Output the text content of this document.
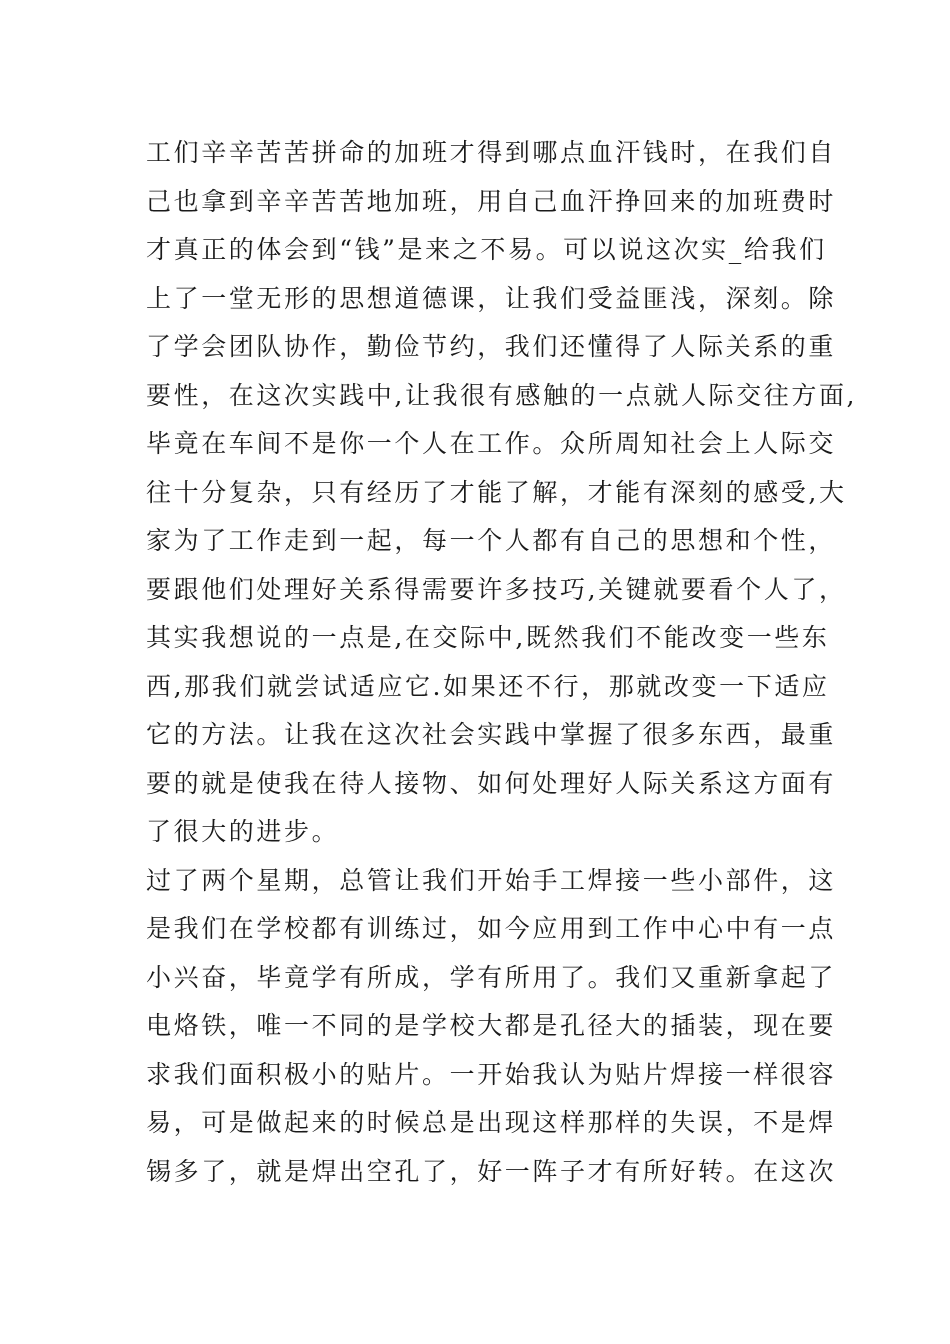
工们辛辛苦苦拼命的加班才得到哪点血汗钱时，在我们自
己也拿到辛辛苦苦地加班，用自己血汗挣回来的加班费时
才真正的体会到“钱”是来之不易。可以说这次实_给我们
上了一堂无形的思想道德课，让我们受益匪浅，深刻。除
了学会团队协作，勤俭节约，我们还懂得了人际关系的重
要性，在这次实践中,让我很有感触的一点就人际交往方面,
毕竟在车间不是你一个人在工作。众所周知社会上人际交
往十分复杂，只有经历了才能了解，才能有深刻的感受,大
家为了工作走到一起，每一个人都有自己的思想和个性，
要跟他们处理好关系得需要许多技巧,关键就要看个人了，
其实我想说的一点是,在交际中,既然我们不能改变一些东
西,那我们就尝试适应它.如果还不行，那就改变一下适应
它的方法。让我在这次社会实践中掌握了很多东西，最重
要的就是使我在待人接物、如何处理好人际关系这方面有
了很大的进步。
过了两个星期，总管让我们开始手工焊接一些小部件，这
是我们在学校都有训练过，如今应用到工作中心中有一点
小兴奋，毕竟学有所成，学有所用了。我们又重新拿起了
电烙铁，唯一不同的是学校大都是孔径大的插装，现在要
求我们面积极小的贴片。一开始我认为贴片焊接一样很容
易，可是做起来的时候总是出现这样那样的失误，不是焊
锡多了，就是焊出空孔了，好一阵子才有所好转。在这次
